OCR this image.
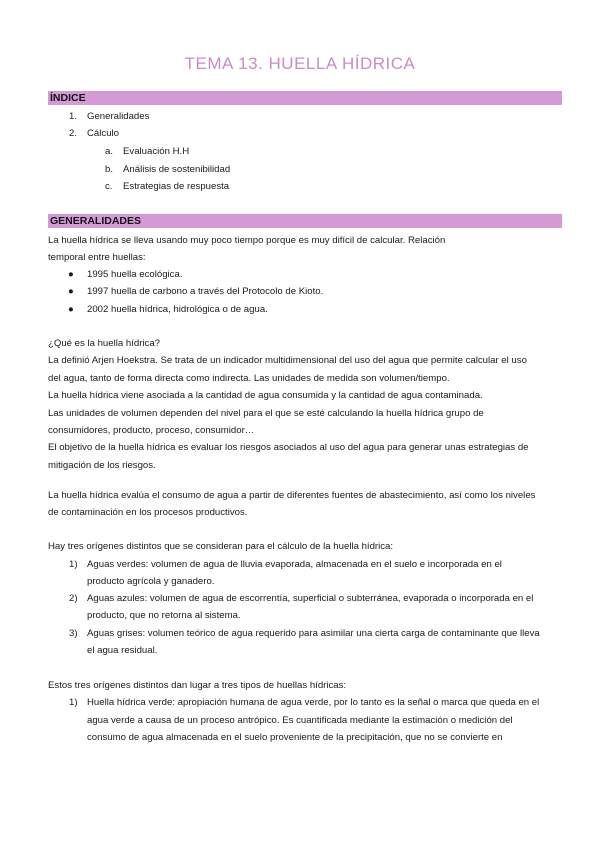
TEMA 13. HUELLA HÍDRICA
ÍNDICE
1. Generalidades
2. Cálculo
a. Evaluación H.H
b. Análisis de sostenibilidad
c. Estrategias de respuesta
GENERALIDADES
La huella hídrica se lleva usando muy poco tiempo porque es muy difícil de calcular. Relación
temporal entre huellas:
● 1995 huella ecológica.
● 1997 huella de carbono a través del Protocolo de Kioto.
● 2002 huella hídrica, hidrológica o de agua.
¿Qué es la huella hídrica?
La definió Arjen Hoekstra. Se trata de un indicador multidimensional del uso del agua que permite calcular el uso
del agua, tanto de forma directa como indirecta. Las unidades de medida son volumen/tiempo.
La huella hídrica viene asociada a la cantidad de agua consumida y la cantidad de agua contaminada.
Las unidades de volumen dependen del nivel para el que se esté calculando la huella hídrica grupo de
consumidores, producto, proceso, consumidor…
El objetivo de la huella hídrica es evaluar los riesgos asociados al uso del agua para generar unas estrategias de
mitigación de los riesgos.
La huella hídrica evalúa el consumo de agua a partir de diferentes fuentes de abastecimiento, así como los niveles
de contaminación en los procesos productivos.
Hay tres orígenes distintos que se consideran para el cálculo de la huella hídrica:
1) Aguas verdes: volumen de agua de lluvia evaporada, almacenada en el suelo e incorporada en el
producto agrícola y ganadero.
2) Aguas azules: volumen de agua de escorrentía, superficial o subterránea, evaporada o incorporada en el
producto, que no retorna al sistema.
3) Aguas grises: volumen teórico de agua requerido para asimilar una cierta carga de contaminante que lleva
el agua residual.
Estos tres orígenes distintos dan lugar a tres tipos de huellas hídricas:
1) Huella hídrica verde: apropiación humana de agua verde, por lo tanto es la señal o marca que queda en el
agua verde a causa de un proceso antrópico. Es cuantificada mediante la estimación o medición del
consumo de agua almacenada en el suelo proveniente de la precipitación, que no se convierte en
